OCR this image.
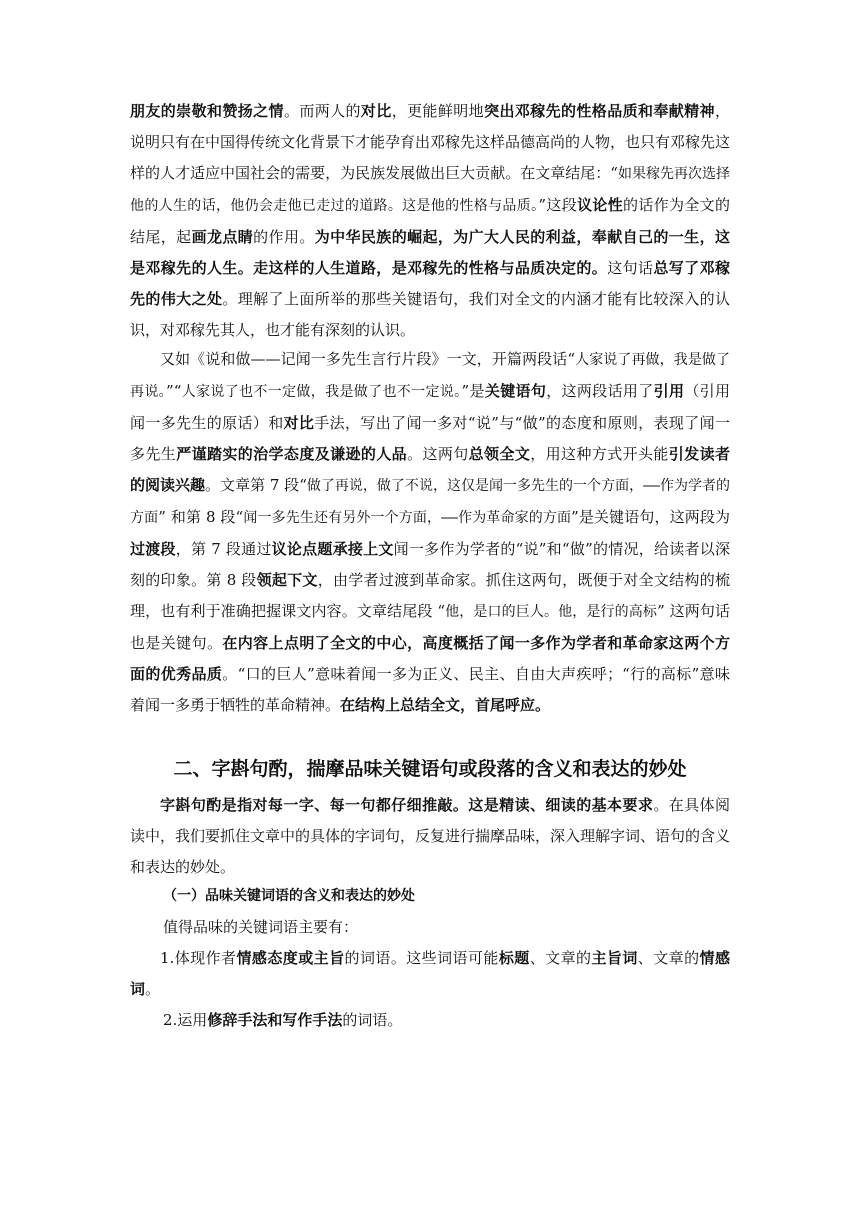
朋友的崇敬和赞扬之情。而两人的对比，更能鲜明地突出邓稼先的性格品质和奉献精神，说明只有在中国得传统文化背景下才能孕育出邓稼先这样品德高尚的人物，也只有邓稼先这样的人才适应中国社会的需要，为民族发展做出巨大贡献。在文章结尾：“如果稼先再次选择他的人生的话，他仍会走他已走过的道路。这是他的性格与品质。”这段议论性的话作为全文的结尾，起画龙点睛的作用。为中华民族的崛起，为广大人民的利益，奉献自己的一生，这是邓稼先的人生。走这样的人生道路，是邓稼先的性格与品质决定的。这句话总写了邓稼先的伟大之处。理解了上面所举的那些关键语句，我们对全文的内涵才能有比较深入的认识，对邓稼先其人，也才能有深刻的认识。

又如《说和做——记闻一多先生言行片段》一文，开篇两段话“人家说了再做，我是做了再说。”“人家说了也不一定做，我是做了也不一定说。”是关键语句，这两段话用了引用（引用闻一多先生的原话）和对比手法，写出了闻一多对“说”与“做”的态度和原则，表现了闻一多先生严谨踏实的治学态度及谦逊的人品。这两句总领全文，用这种方式开头能引发读者的阅读兴趣。文章第 7 段“做了再说，做了不说，这仅是闻一多先生的一个方面，——作为学者的方面” 和第 8 段“闻一多先生还有另外一个方面，——作为革命家的方面”是关键语句，这两段为过渡段，第 7 段通过议论点题承接上文闻一多作为学者的“说”和“做”的情况，给读者以深刻的印象。第 8 段领起下文，由学者过渡到革命家。抓住这两句，既便于对全文结构的梳理，也有利于准确把握课文内容。文章结尾段 “他，是口的巨人。他，是行的高标” 这两句话也是关键句。在内容上点明了全文的中心，高度概括了闻一多作为学者和革命家这两个方面的优秀品质。“口的巨人”意味着闻一多为正义、民主、自由大声疾呼；“行的高标”意味着闻一多勇于牺牲的革命精神。在结构上总结全文，首尾呼应。

二、字斟句酌，揣摩品味关键语句或段落的含义和表达的妙处

字斟句酌是指对每一字、每一句都仔细推敲。这是精读、细读的基本要求。在具体阅读中，我们要抓住文章中的具体的字词句，反复进行揣摩品味，深入理解字词、语句的含义和表达的妙处。

（一）品味关键词语的含义和表达的妙处

值得品味的关键词语主要有：

1.体现作者情感态度或主旨的词语。这些词语可能标题、文章的主旨词、文章的情感词。

2.运用修辞手法和写作手法的词语。
